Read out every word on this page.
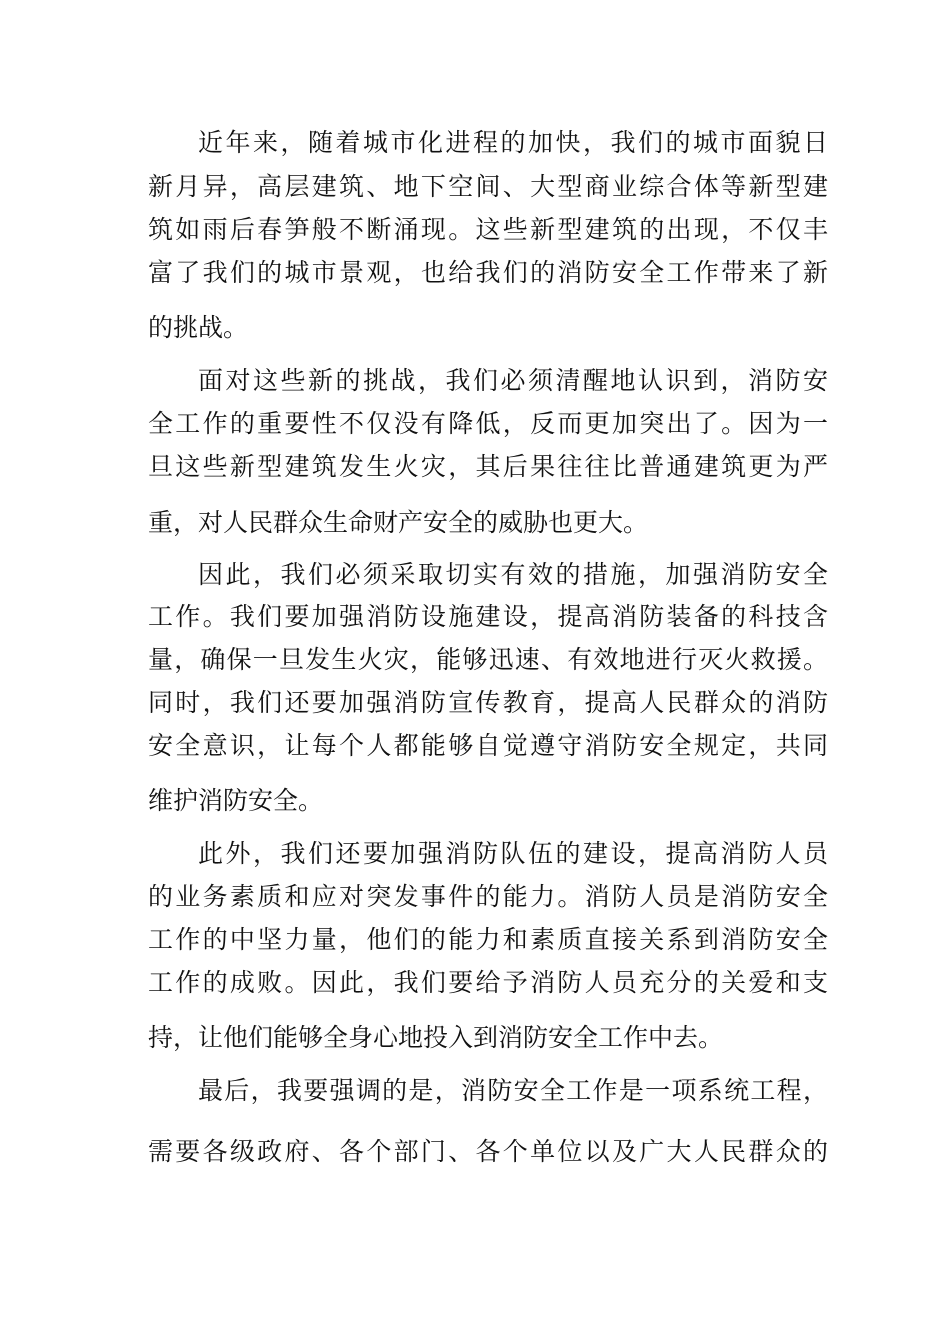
近年来，随着城市化进程的加快，我们的城市面貌日
新月异，高层建筑、地下空间、大型商业综合体等新型建
筑如雨后春笋般不断涌现。这些新型建筑的出现，不仅丰
富了我们的城市景观，也给我们的消防安全工作带来了新
的挑战。
面对这些新的挑战，我们必须清醒地认识到，消防安
全工作的重要性不仅没有降低，反而更加突出了。因为一
旦这些新型建筑发生火灾，其后果往往比普通建筑更为严
重，对人民群众生命财产安全的威胁也更大。
因此，我们必须采取切实有效的措施，加强消防安全
工作。我们要加强消防设施建设，提高消防装备的科技含
量，确保一旦发生火灾，能够迅速、有效地进行灭火救援。
同时，我们还要加强消防宣传教育，提高人民群众的消防
安全意识，让每个人都能够自觉遵守消防安全规定，共同
维护消防安全。
此外，我们还要加强消防队伍的建设，提高消防人员
的业务素质和应对突发事件的能力。消防人员是消防安全
工作的中坚力量，他们的能力和素质直接关系到消防安全
工作的成败。因此，我们要给予消防人员充分的关爱和支
持，让他们能够全身心地投入到消防安全工作中去。
最后，我要强调的是，消防安全工作是一项系统工程，
需要各级政府、各个部门、各个单位以及广大人民群众的
